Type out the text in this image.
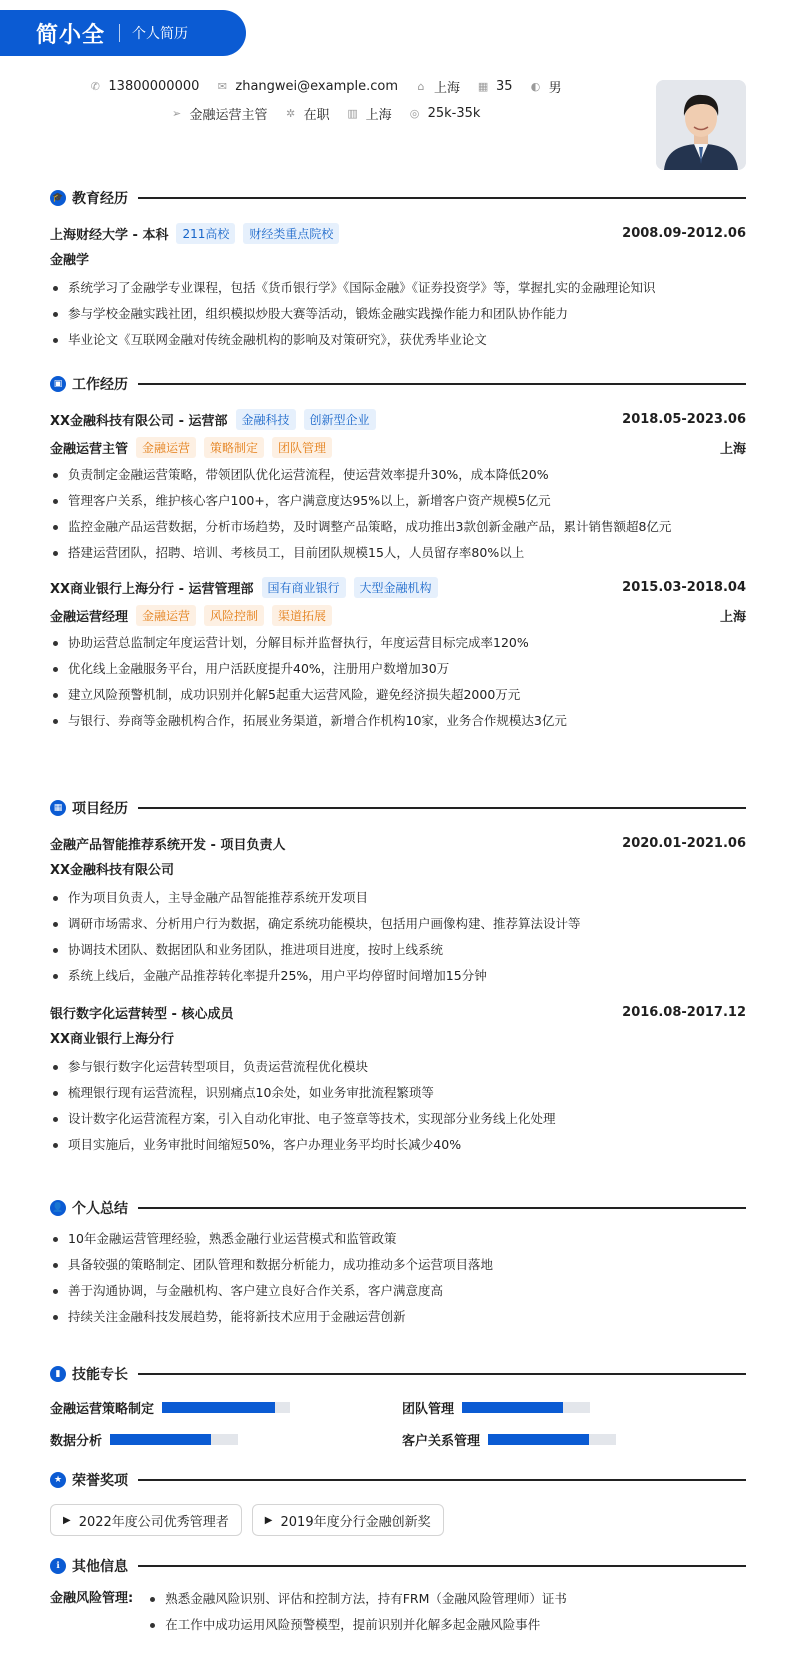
简小全 个人简历
✆ 13800000000 ✉ zhangwei@example.com	⌂ 上海 ▦ 35 ◐ 男
➢ 金融运营主管 ✲ 在职 ▥ 上海 ◎ 25k-35k
🎓 教育经历
上海财经大学 - 本科	211高校	财经类重点院校	2008.09-2012.06
金融学
系统学习了金融学专业课程，包括《货币银行学》《国际金融》《证券投资学》等，掌握扎实的金融理论知识
参与学校金融实践社团，组织模拟炒股大赛等活动，锻炼金融实践操作能力和团队协作能力
毕业论文《互联网金融对传统金融机构的影响及对策研究》，获优秀毕业论文
▣ 工作经历
XX金融科技有限公司 - 运营部	金融科技	创新型企业	2018.05-2023.06
金融运营主管	金融运营	策略制定	团队管理	上海
负责制定金融运营策略，带领团队优化运营流程，使运营效率提升30%，成本降低20%
管理客户关系，维护核心客户100+，客户满意度达95%以上，新增客户资产规模5亿元
监控金融产品运营数据，分析市场趋势，及时调整产品策略，成功推出3款创新金融产品，累计销售额超8亿元
搭建运营团队，招聘、培训、考核员工，目前团队规模15人，人员留存率80%以上
XX商业银行上海分行 - 运营管理部	国有商业银行	大型金融机构	2015.03-2018.04
金融运营经理	金融运营	风险控制	渠道拓展	上海
协助运营总监制定年度运营计划，分解目标并监督执行，年度运营目标完成率120%
优化线上金融服务平台，用户活跃度提升40%，注册用户数增加30万
建立风险预警机制，成功识别并化解5起重大运营风险，避免经济损失超2000万元
与银行、券商等金融机构合作，拓展业务渠道，新增合作机构10家，业务合作规模达3亿元
▦ 项目经历
金融产品智能推荐系统开发 - 项目负责人	2020.01-2021.06
XX金融科技有限公司
作为项目负责人，主导金融产品智能推荐系统开发项目
调研市场需求、分析用户行为数据，确定系统功能模块，包括用户画像构建、推荐算法设计等
协调技术团队、数据团队和业务团队，推进项目进度，按时上线系统
系统上线后，金融产品推荐转化率提升25%，用户平均停留时间增加15分钟
银行数字化运营转型 - 核心成员	2016.08-2017.12
XX商业银行上海分行
参与银行数字化运营转型项目，负责运营流程优化模块
梳理银行现有运营流程，识别痛点10余处，如业务审批流程繁琐等
设计数字化运营流程方案，引入自动化审批、电子签章等技术，实现部分业务线上化处理
项目实施后，业务审批时间缩短50%，客户办理业务平均时长减少40%
👤 个人总结
10年金融运营管理经验，熟悉金融行业运营模式和监管政策
具备较强的策略制定、团队管理和数据分析能力，成功推动多个运营项目落地
善于沟通协调，与金融机构、客户建立良好合作关系，客户满意度高
持续关注金融科技发展趋势，能将新技术应用于金融运营创新
▮ 技能专长
金融运营策略制定	团队管理
数据分析	客户关系管理
★ 荣誉奖项
▶ 2022年度公司优秀管理者	▶ 2019年度分行金融创新奖
ℹ 其他信息
金融风险管理:	熟悉金融风险识别、评估和控制方法，持有FRM（金融风险管理师）证书
在工作中成功运用风险预警模型，提前识别并化解多起金融风险事件
